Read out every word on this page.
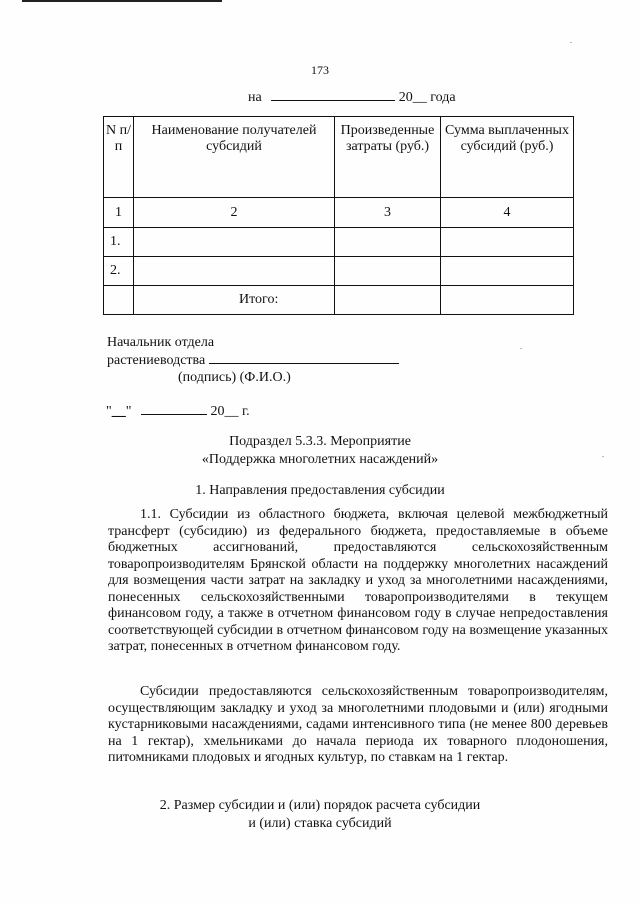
173
на	20__ года
N п/п	Наименование получателей субсидий	Произведенные затраты (руб.)	Сумма выплаченных субсидий (руб.)
1	2	3	4
1.			
2.			
	Итого:		
Начальник отдела
растениеводства
(подпись) (Ф.И.О.)
"__"	20__ г.
Подраздел 5.3.3. Мероприятие
«Поддержка многолетних насаждений»
1. Направления предоставления субсидии
1.1. Субсидии из областного бюджета, включая целевой межбюджетный трансферт (субсидию) из федерального бюджета, предоставляемые в объеме бюджетных ассигнований, предоставляются сельскохозяйственным товаропроизводителям Брянской области на поддержку многолетних насаждений для возмещения части затрат на закладку и уход за многолетними насаждениями, понесенных сельскохозяйственными товаропроизводителями в текущем финансовом году, а также в отчетном финансовом году в случае непредоставления соответствующей субсидии в отчетном финансовом году на возмещение указанных затрат, понесенных в отчетном финансовом году.
Субсидии предоставляются сельскохозяйственным товаропроизводителям, осуществляющим закладку и уход за многолетними плодовыми и (или) ягодными кустарниковыми насаждениями, садами интенсивного типа (не менее 800 деревьев на 1 гектар), хмельниками до начала периода их товарного плодоношения, питомниками плодовых и ягодных культур, по ставкам на 1 гектар.
2. Размер субсидии и (или) порядок расчета субсидии
и (или) ставка субсидий
